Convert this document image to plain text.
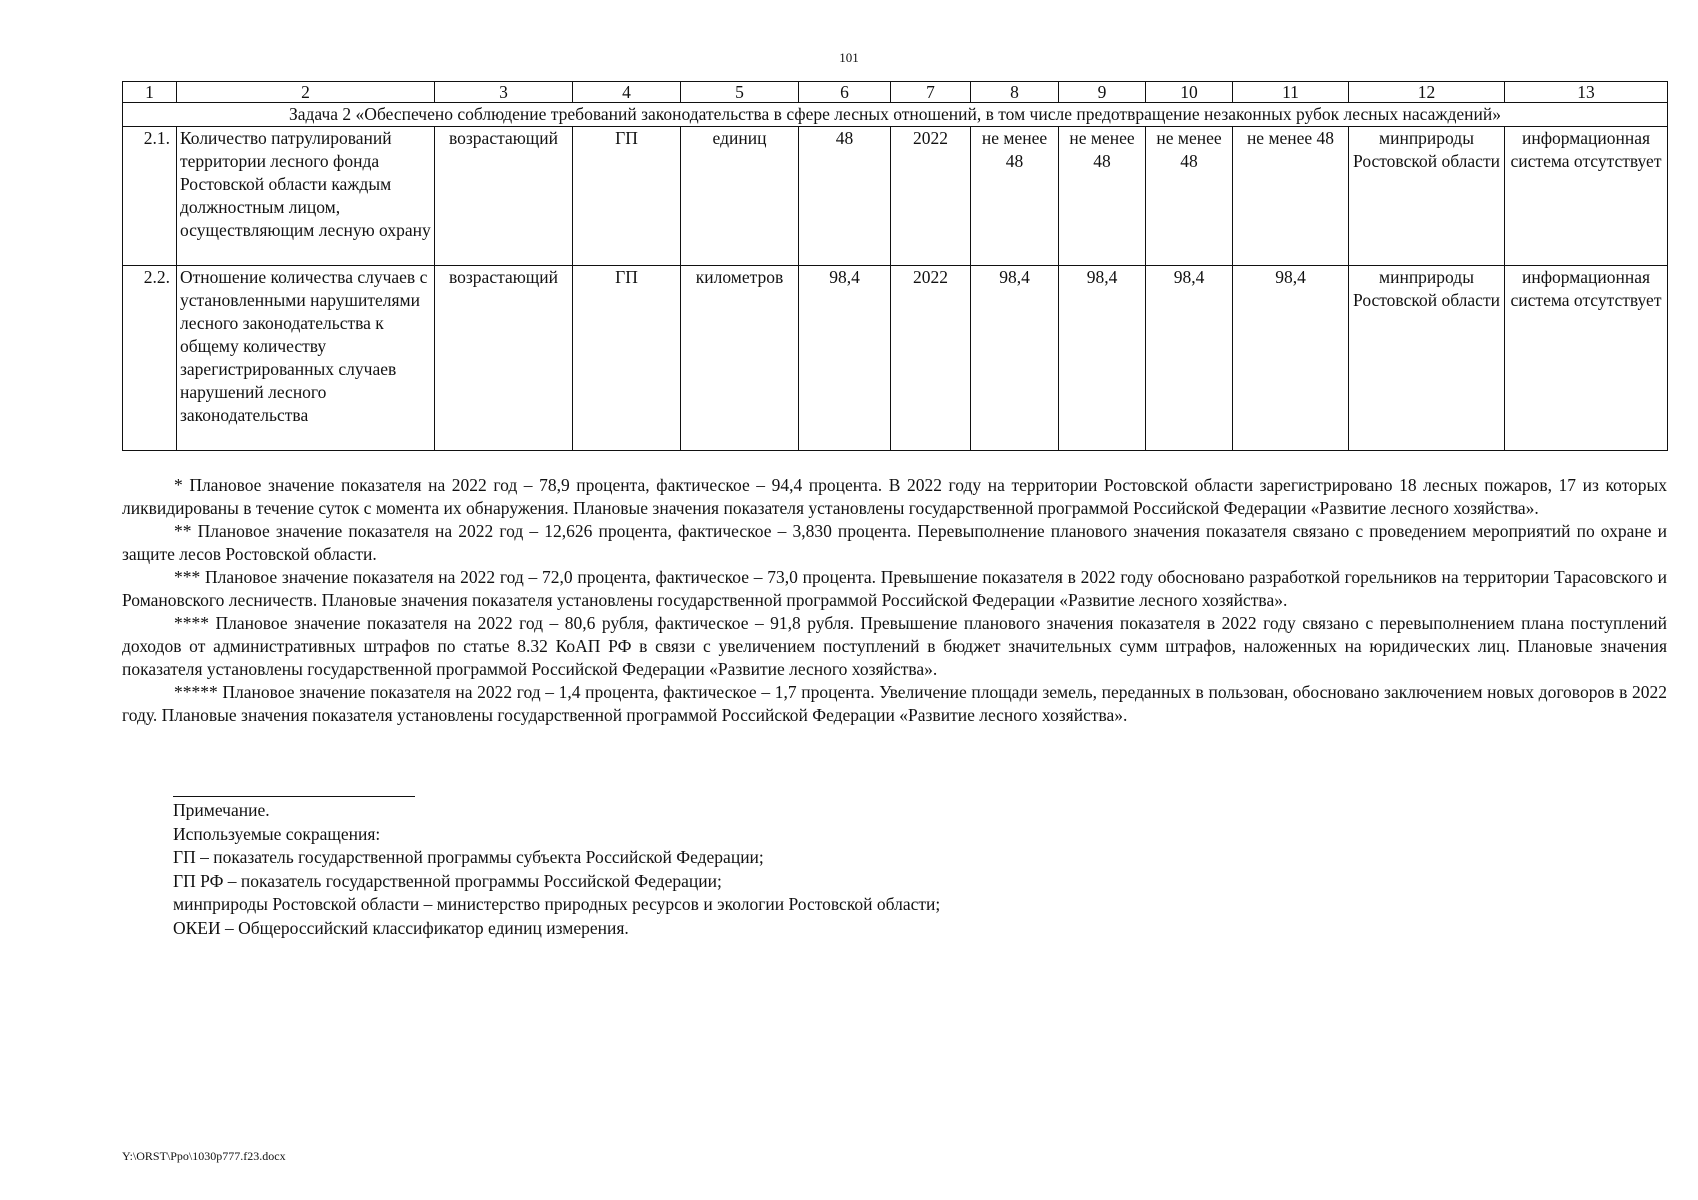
101
1	2	3	4	5	6	7	8	9	10	11	12	13
Задача 2 «Обеспечено соблюдение требований законодательства в сфере лесных отношений, в том числе предотвращение незаконных рубок лесных насаждений»												
2.1.	Количество патрулирований территории лесного фонда Ростовской области каждым должностным лицом, осуществляющим лесную охрану	возрастающий	ГП	единиц	48	2022	не менее 48	не менее 48	не менее 48	не менее 48	минприроды Ростовской области	информационная система отсутствует
2.2.	Отношение количества случаев с установленными нарушителями лесного законодательства к общему количеству зарегистрированных случаев нарушений лесного законодательства	возрастающий	ГП	километров	98,4	2022	98,4	98,4	98,4	98,4	минприроды Ростовской области	информационная система отсутствует

* Плановое значение показателя на 2022 год – 78,9 процента, фактическое – 94,4 процента. В 2022 году на территории Ростовской области зарегистрировано 18 лесных пожаров, 17 из которых ликвидированы в течение суток с момента их обнаружения. Плановые значения показателя установлены государственной программой Российской Федерации «Развитие лесного хозяйства».

** Плановое значение показателя на 2022 год – 12,626 процента, фактическое – 3,830 процента. Перевыполнение планового значения показателя связано с проведением мероприятий по охране и защите лесов Ростовской области.

*** Плановое значение показателя на 2022 год – 72,0 процента, фактическое – 73,0 процента. Превышение показателя в 2022 году обосновано разработкой горельников на территории Тарасовского и Романовского лесничеств. Плановые значения показателя установлены государственной программой Российской Федерации «Развитие лесного хозяйства».

**** Плановое значение показателя на 2022 год – 80,6 рубля, фактическое – 91,8 рубля. Превышение планового значения показателя в 2022 году связано с перевыполнением плана поступлений доходов от административных штрафов по статье 8.32 КоАП РФ в связи с увеличением поступлений в бюджет значительных сумм штрафов, наложенных на юридических лиц. Плановые значения показателя установлены государственной программой Российской Федерации «Развитие лесного хозяйства».

***** Плановое значение показателя на 2022 год – 1,4 процента, фактическое – 1,7 процента. Увеличение площади земель, переданных в пользован, обосновано заключением новых договоров в 2022 году. Плановые значения показателя установлены государственной программой Российской Федерации «Развитие лесного хозяйства».

Примечание.
Используемые сокращения:
ГП – показатель государственной программы субъекта Российской Федерации;
ГП РФ – показатель государственной программы Российской Федерации;
минприроды Ростовской области – министерство природных ресурсов и экологии Ростовской области;
ОКЕИ – Общероссийский классификатор единиц измерения.
Y:\ORST\Ppo\1030p777.f23.docx
